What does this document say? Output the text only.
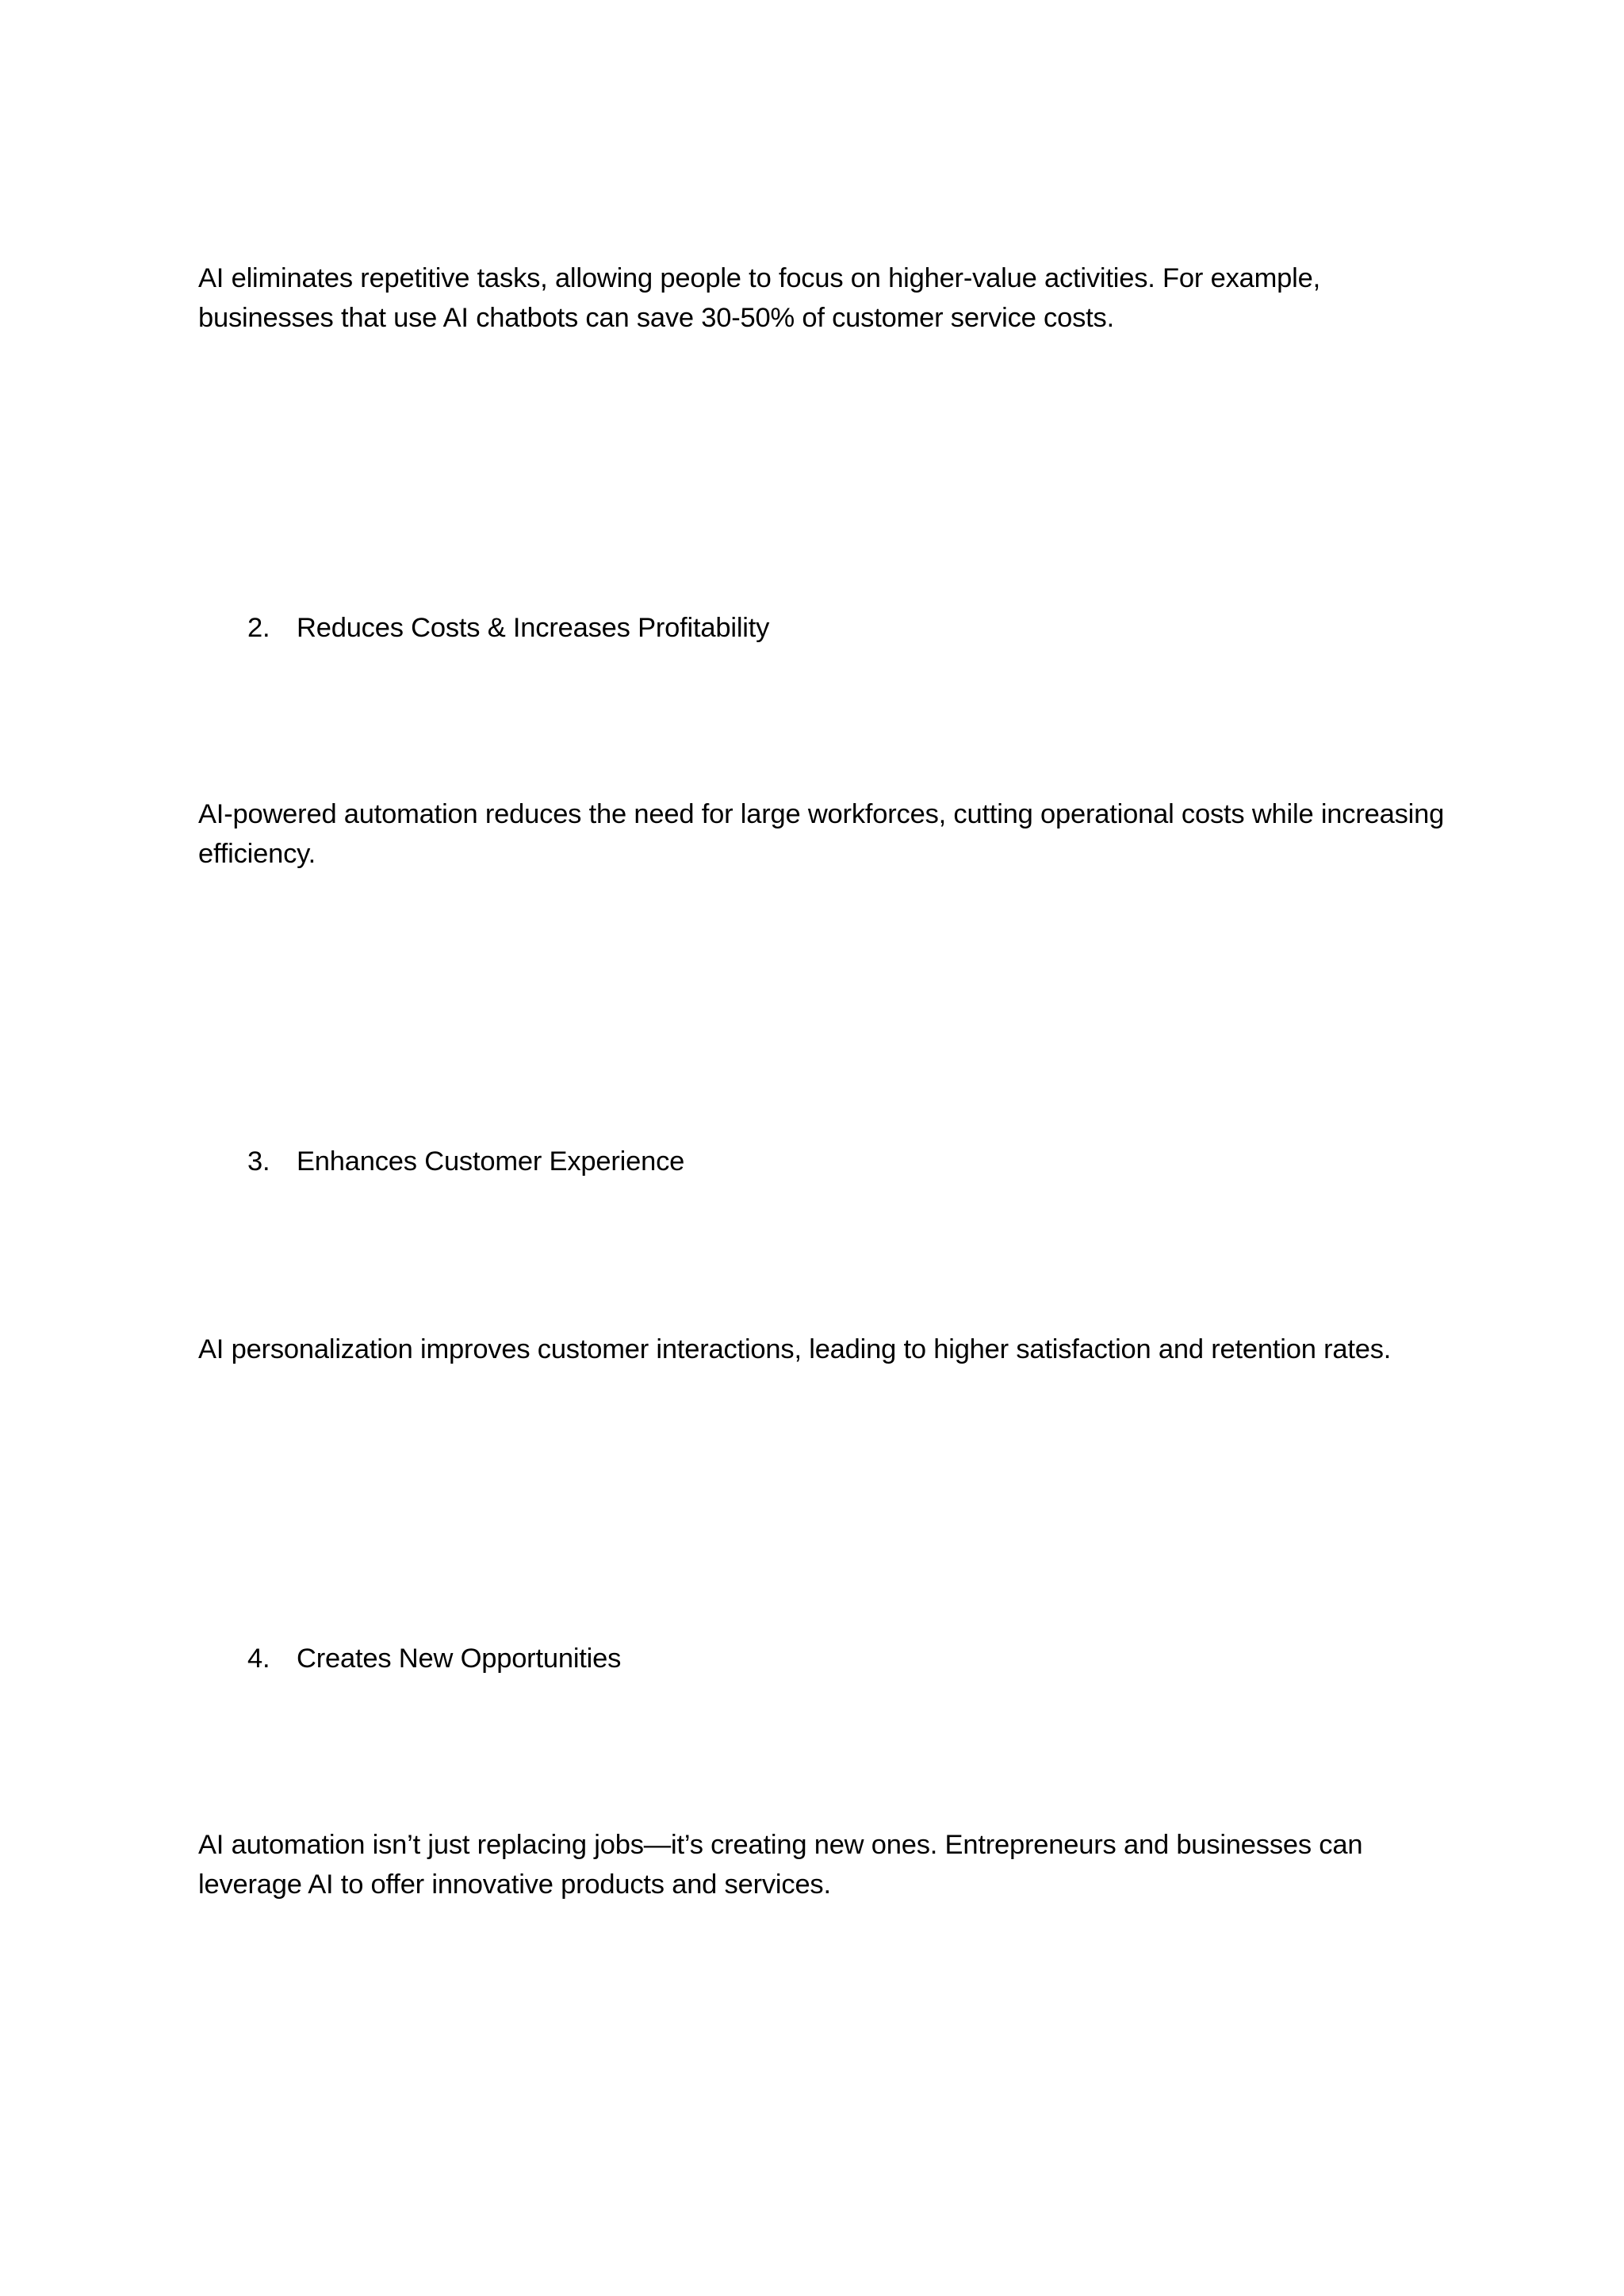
AI eliminates repetitive tasks, allowing people to focus on higher-value activities. For example, businesses that use AI chatbots can save 30-50% of customer service costs.

2. Reduces Costs & Increases Profitability

AI-powered automation reduces the need for large workforces, cutting operational costs while increasing efficiency.

3. Enhances Customer Experience

AI personalization improves customer interactions, leading to higher satisfaction and retention rates.

4. Creates New Opportunities

AI automation isn’t just replacing jobs—it’s creating new ones. Entrepreneurs and businesses can leverage AI to offer innovative products and services.
